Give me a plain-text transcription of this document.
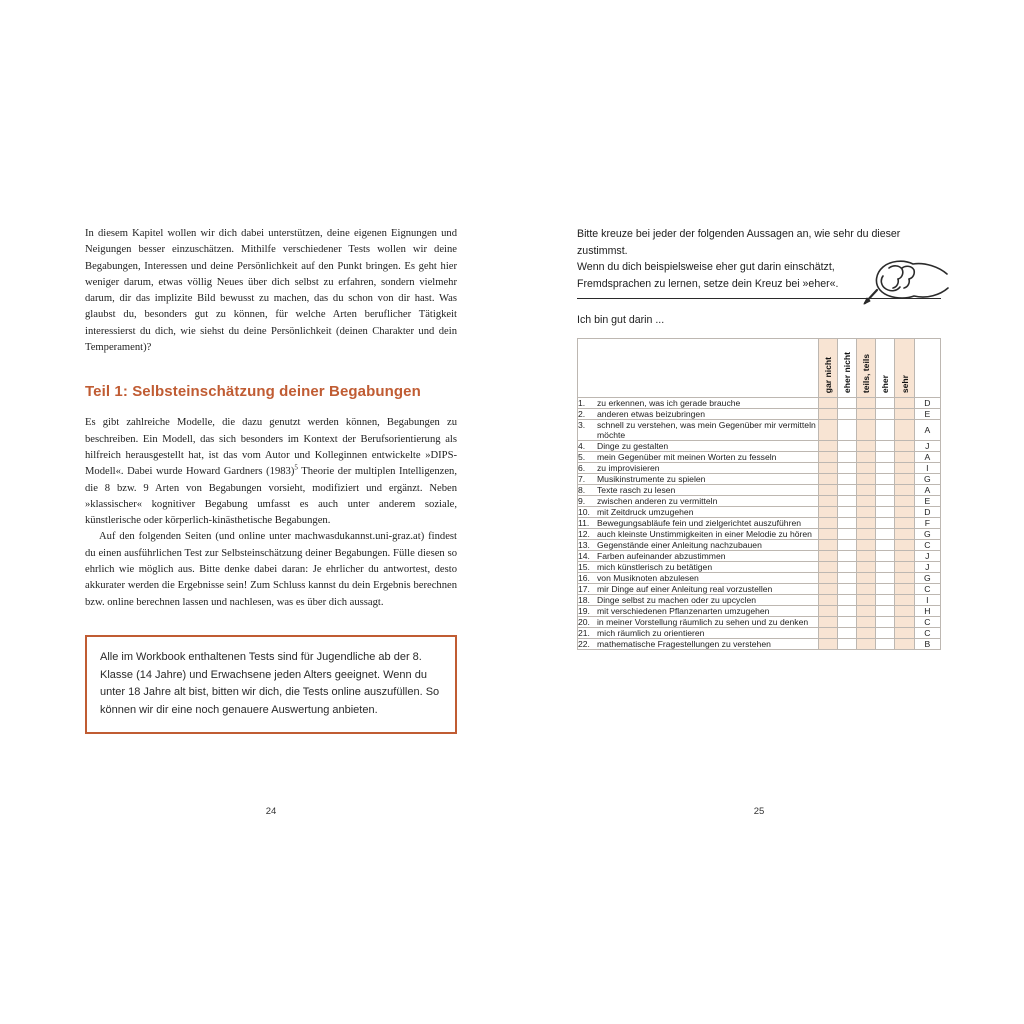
In diesem Kapitel wollen wir dich dabei unterstützen, deine eigenen Eignungen und Neigungen besser einzuschätzen. Mithilfe verschiedener Tests wollen wir deine Begabungen, Interessen und deine Persönlichkeit auf den Punkt bringen. Es geht hier weniger darum, etwas völlig Neues über dich selbst zu erfahren, sondern vielmehr darum, dir das implizite Bild bewusst zu machen, das du schon von dir hast. Was glaubst du, besonders gut zu können, für welche Arten beruflicher Tätigkeit interessierst du dich, wie siehst du deine Persönlichkeit (deinen Charakter und dein Temperament)?

Teil 1: Selbsteinschätzung deiner Begabungen

Es gibt zahlreiche Modelle, die dazu genutzt werden können, Begabungen zu beschreiben. Ein Modell, das sich besonders im Kontext der Berufsorientierung als hilfreich herausgestellt hat, ist das vom Autor und Kolleginnen entwickelte »DIPS-Modell«. Dabei wurde Howard Gardners $(1983)^5$ Theorie der multiplen Intelligenzen, die 8 bzw. 9 Arten von Begabungen vorsieht, modifiziert und ergänzt. Neben »klassischer« kognitiver Begabung umfasst es auch unter anderem soziale, künstlerische oder körperlich-kinästhetische Begabungen.

Auf den folgenden Seiten (und online unter machwasdukannst.uni-graz.at) findest du einen ausführlichen Test zur Selbsteinschätzung deiner Begabungen. Fülle diesen so ehrlich wie möglich aus. Bitte denke dabei daran: Je ehrlicher du antwortest, desto akkurater werden die Ergebnisse sein! Zum Schluss kannst du dein Ergebnis berechnen bzw. online berechnen lassen und nachlesen, was es über dich aussagt.

Alle im Workbook enthaltenen Tests sind für Jugendliche ab der 8. Klasse (14 Jahre) und Erwachsene jeden Alters geeignet. Wenn du unter 18 Jahre alt bist, bitten wir dich, die Tests online auszufüllen. So können wir dir eine noch genauere Auswertung anbieten.
24
Bitte kreuze bei jeder der folgenden Aussagen an, wie sehr du dieser zustimmst.
Wenn du dich beispielsweise eher gut darin einschätzt, Fremdsprachen zu lernen, setze dein Kreuz bei »eher«.
Ich bin gut darin ...

	gar nicht	eher nicht	teils, teils	eher	sehr	

1. zu erkennen, was ich gerade brauche						D

2. anderen etwas beizubringen						E

3. schnell zu verstehen, was mein Gegenüber mir vermitteln möchte						A

4. Dinge zu gestalten						J

5. mein Gegenüber mit meinen Worten zu fesseln						A

6. zu improvisieren						I

7. Musikinstrumente zu spielen						G

8. Texte rasch zu lesen						A

9. zwischen anderen zu vermitteln						E

10. mit Zeitdruck umzugehen						D

11. Bewegungsabläufe fein und zielgerichtet auszuführen						F

12. auch kleinste Unstimmigkeiten in einer Melodie zu hören						G

13. Gegenstände einer Anleitung nachzubauen						C

14. Farben aufeinander abzustimmen						J

15. mich künstlerisch zu betätigen						J

16. von Musiknoten abzulesen						G

17. mir Dinge auf einer Anleitung real vorzustellen						C

18. Dinge selbst zu machen oder zu upcyclen						I

19. mit verschiedenen Pflanzenarten umzugehen						H

20. in meiner Vorstellung räumlich zu sehen und zu denken						C

21. mich räumlich zu orientieren						C

22. mathematische Fragestellungen zu verstehen						B
25
